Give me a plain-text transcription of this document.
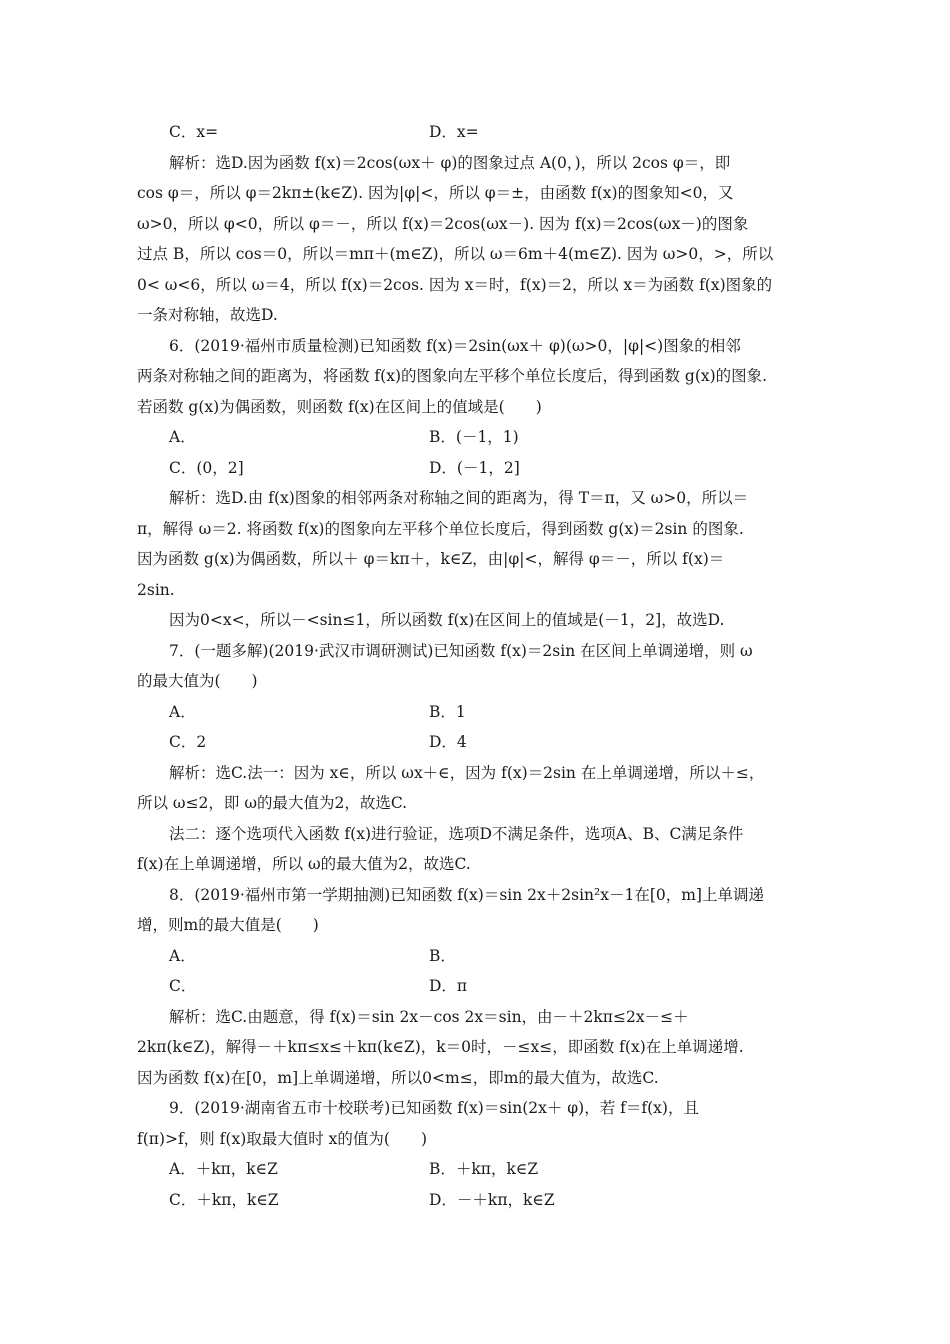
C．x=	D．x=
解析：选D.因为函数 f(x)＝2cos(ωx＋ φ)的图象过点 A(0，)，所以 2cos φ＝，即
cos φ＝，所以 φ＝2kπ±(k∈Z). 因为|φ|<，所以 φ＝±，由函数 f(x)的图象知<0，又
ω>0，所以 φ<0，所以 φ＝－，所以 f(x)＝2cos(ωx－). 因为 f(x)＝2cos(ωx－)的图象
过点 B，所以 cos＝0，所以＝mπ＋(m∈Z)，所以 ω＝6m＋4(m∈Z). 因为 ω>0，>，所以
0< ω<6，所以 ω＝4，所以 f(x)＝2cos. 因为 x＝时，f(x)＝2，所以 x＝为函数 f(x)图象的
一条对称轴，故选D.
6．(2019·福州市质量检测)已知函数 f(x)＝2sin(ωx＋ φ)(ω>0，|φ|<)图象的相邻
两条对称轴之间的距离为，将函数 f(x)的图象向左平移个单位长度后，得到函数 g(x)的图象.
若函数 g(x)为偶函数，则函数 f(x)在区间上的值域是(　　)
A．	B．(－1，1)
C．(0，2]	D．(－1，2]
解析：选D.由 f(x)图象的相邻两条对称轴之间的距离为，得 T＝π，又 ω>0，所以＝
π，解得 ω＝2. 将函数 f(x)的图象向左平移个单位长度后，得到函数 g(x)＝2sin 的图象.
因为函数 g(x)为偶函数，所以＋ φ＝kπ＋，k∈Z，由|φ|<，解得 φ＝－，所以 f(x)＝
2sin.
因为0<x<，所以－<sin≤1，所以函数 f(x)在区间上的值域是(－1，2]，故选D.
7．(一题多解)(2019·武汉市调研测试)已知函数 f(x)＝2sin 在区间上单调递增，则 ω
的最大值为(　　)
A．	B．1
C．2	D．4
解析：选C.法一：因为 x∈，所以 ωx＋∈，因为 f(x)＝2sin 在上单调递增，所以＋≤，
所以 ω≤2，即 ω的最大值为2，故选C.
法二：逐个选项代入函数 f(x)进行验证，选项D不满足条件，选项A、B、C满足条件
f(x)在上单调递增，所以 ω的最大值为2，故选C.
8．(2019·福州市第一学期抽测)已知函数 f(x)＝sin 2x＋2sin²x－1在[0，m]上单调递
增，则m的最大值是(　　)
A．	B．
C．	D．π
解析：选C.由题意，得 f(x)＝sin 2x－cos 2x＝sin，由－＋2kπ≤2x－≤＋
2kπ(k∈Z)，解得－＋kπ≤x≤＋kπ(k∈Z)，k＝0时，－≤x≤，即函数 f(x)在上单调递增.
因为函数 f(x)在[0，m]上单调递增，所以0<m≤，即m的最大值为，故选C.
9．(2019·湖南省五市十校联考)已知函数 f(x)＝sin(2x＋ φ)，若 f＝f(x)，且
f(π)>f，则 f(x)取最大值时 x的值为(　　)
A．＋kπ，k∈Z	B．＋kπ，k∈Z
C．＋kπ，k∈Z	D．－＋kπ，k∈Z
